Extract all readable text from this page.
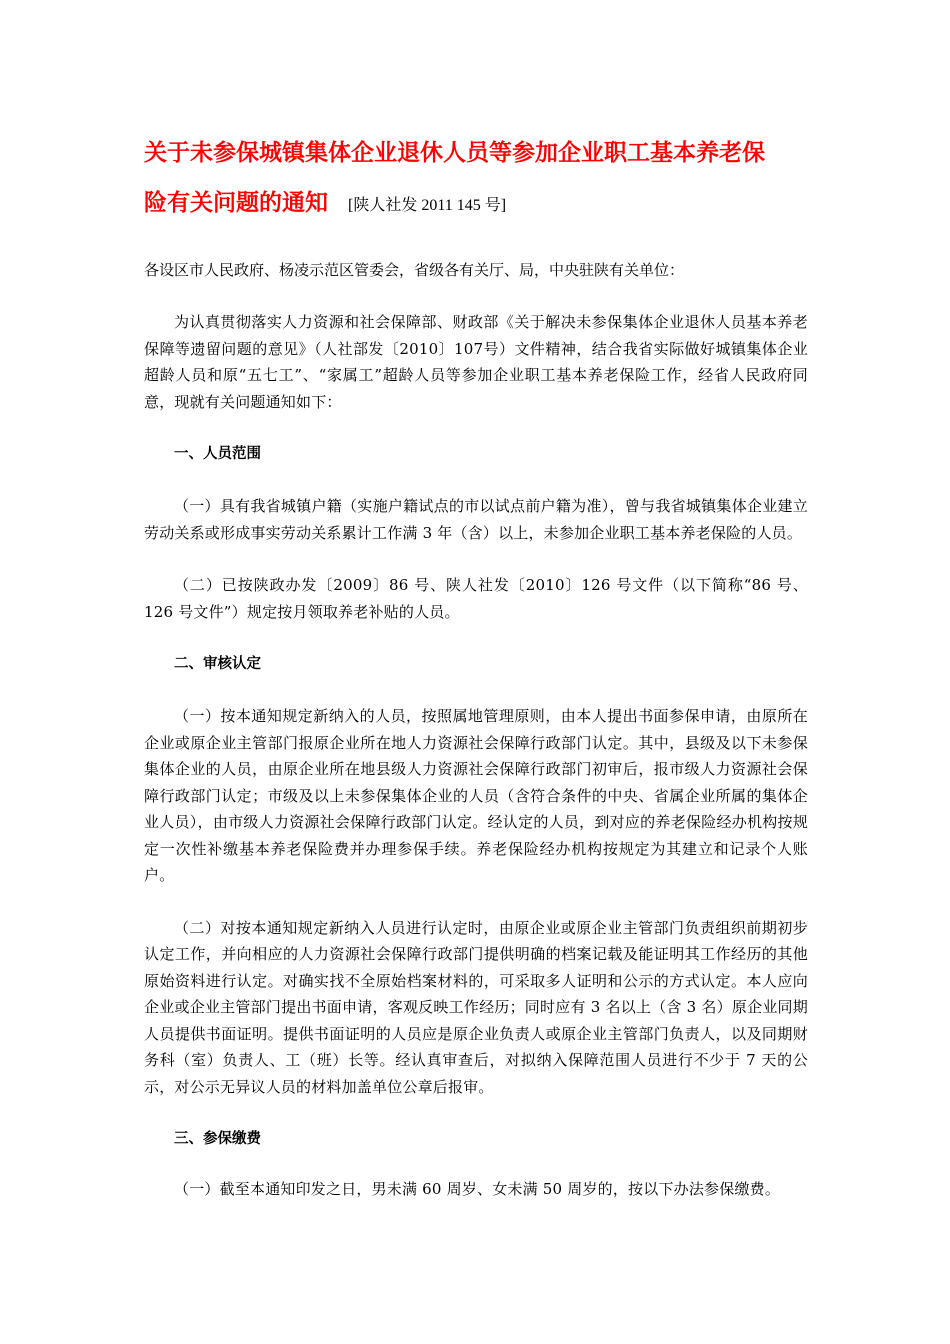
关于未参保城镇集体企业退休人员等参加企业职工基本养老保
险有关问题的通知 [陕人社发 2011 145 号]
各设区市人民政府、杨凌示范区管委会，省级各有关厅、局，中央驻陕有关单位：

为认真贯彻落实人力资源和社会保障部、财政部《关于解决未参保集体企业退休人员基本养老保障等遗留问题的意见》（人社部发〔2010〕107号）文件精神，结合我省实际做好城镇集体企业超龄人员和原“五七工”、“家属工”超龄人员等参加企业职工基本养老保险工作，经省人民政府同意，现就有关问题通知如下：

一、人员范围

（一）具有我省城镇户籍（实施户籍试点的市以试点前户籍为准），曾与我省城镇集体企业建立劳动关系或形成事实劳动关系累计工作满 3 年（含）以上，未参加企业职工基本养老保险的人员。

（二）已按陕政办发〔2009〕86 号、陕人社发〔2010〕126 号文件（以下简称“86 号、126 号文件”）规定按月领取养老补贴的人员。

二、审核认定

（一）按本通知规定新纳入的人员，按照属地管理原则，由本人提出书面参保申请，由原所在企业或原企业主管部门报原企业所在地人力资源社会保障行政部门认定。其中，县级及以下未参保集体企业的人员，由原企业所在地县级人力资源社会保障行政部门初审后，报市级人力资源社会保障行政部门认定；市级及以上未参保集体企业的人员（含符合条件的中央、省属企业所属的集体企业人员），由市级人力资源社会保障行政部门认定。经认定的人员，到对应的养老保险经办机构按规定一次性补缴基本养老保险费并办理参保手续。养老保险经办机构按规定为其建立和记录个人账户。

（二）对按本通知规定新纳入人员进行认定时，由原企业或原企业主管部门负责组织前期初步认定工作，并向相应的人力资源社会保障行政部门提供明确的档案记载及能证明其工作经历的其他原始资料进行认定。对确实找不全原始档案材料的，可采取多人证明和公示的方式认定。本人应向企业或企业主管部门提出书面申请，客观反映工作经历；同时应有 3 名以上（含 3 名）原企业同期人员提供书面证明。提供书面证明的人员应是原企业负责人或原企业主管部门负责人，以及同期财务科（室）负责人、工（班）长等。经认真审查后，对拟纳入保障范围人员进行不少于 7 天的公示，对公示无异议人员的材料加盖单位公章后报审。

三、参保缴费

（一）截至本通知印发之日，男未满 60 周岁、女未满 50 周岁的，按以下办法参保缴费。
